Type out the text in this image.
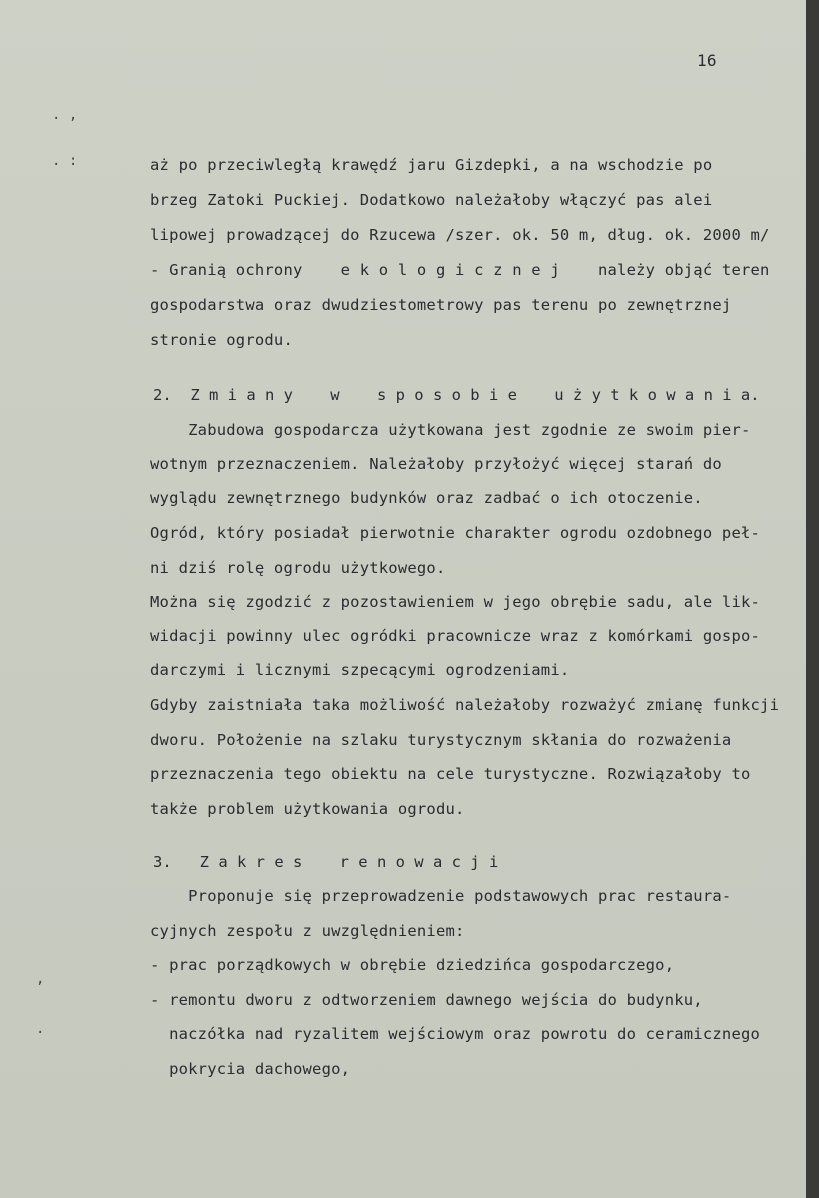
16
. ,
. :
,
.
aż po przeciwległą krawędź jaru Gizdepki, a na wschodzie po
brzeg Zatoki Puckiej. Dodatkowo należałoby włączyć pas alei
lipowej prowadzącej do Rzucewa /szer. ok. 50 m, dług. ok. 2000 m/
- Granią ochrony    e k o l o g i c z n e j    należy objąć teren
gospodarstwa oraz dwudziestometrowy pas terenu po zewnętrznej
stronie ogrodu.
2.  Z m i a n y    w    s p o s o b i e    u ż y t k o w a n i a.
Zabudowa gospodarcza użytkowana jest zgodnie ze swoim pier-
wotnym przeznaczeniem. Należałoby przyłożyć więcej starań do
wyglądu zewnętrznego budynków oraz zadbać o ich otoczenie.
Ogród, który posiadał pierwotnie charakter ogrodu ozdobnego peł-
ni dziś rolę ogrodu użytkowego.
Można się zgodzić z pozostawieniem w jego obrębie sadu, ale lik-
widacji powinny ulec ogródki pracownicze wraz z komórkami gospo-
darczymi i licznymi szpecącymi ogrodzeniami.
Gdyby zaistniała taka możliwość należałoby rozważyć zmianę funkcji
dworu. Położenie na szlaku turystycznym skłania do rozważenia
przeznaczenia tego obiektu na cele turystyczne. Rozwiązałoby to
także problem użytkowania ogrodu.
3.   Z a k r e s    r e n o w a c j i
Proponuje się przeprowadzenie podstawowych prac restaura-
cyjnych zespołu z uwzględnieniem:
- prac porządkowych w obrębie dziedzińca gospodarczego,
- remontu dworu z odtworzeniem dawnego wejścia do budynku,
naczółka nad ryzalitem wejściowym oraz powrotu do ceramicznego
pokrycia dachowego,
